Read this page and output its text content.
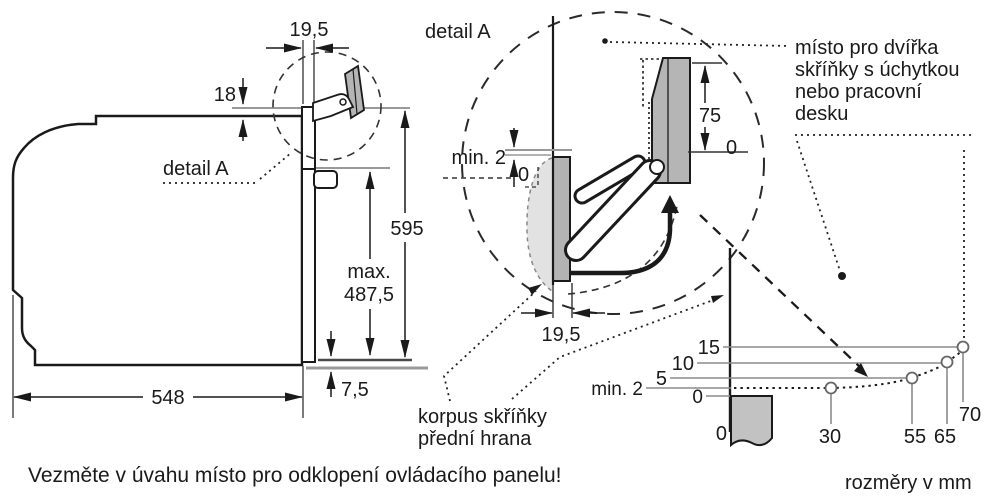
19,5
18
595
max.
487,5
548	7,5
detail A
detail A
min. 2
0
75
0
19,5
místo pro dvířka
skříňky s úchytkou
nebo pracovní
desku
korpus skříňky
přední hrana
Vezměte v úvahu místo pro odklopení ovládacího panelu!	rozměry v mm
15
10
5
min. 2	0
0	30	55 65
70
